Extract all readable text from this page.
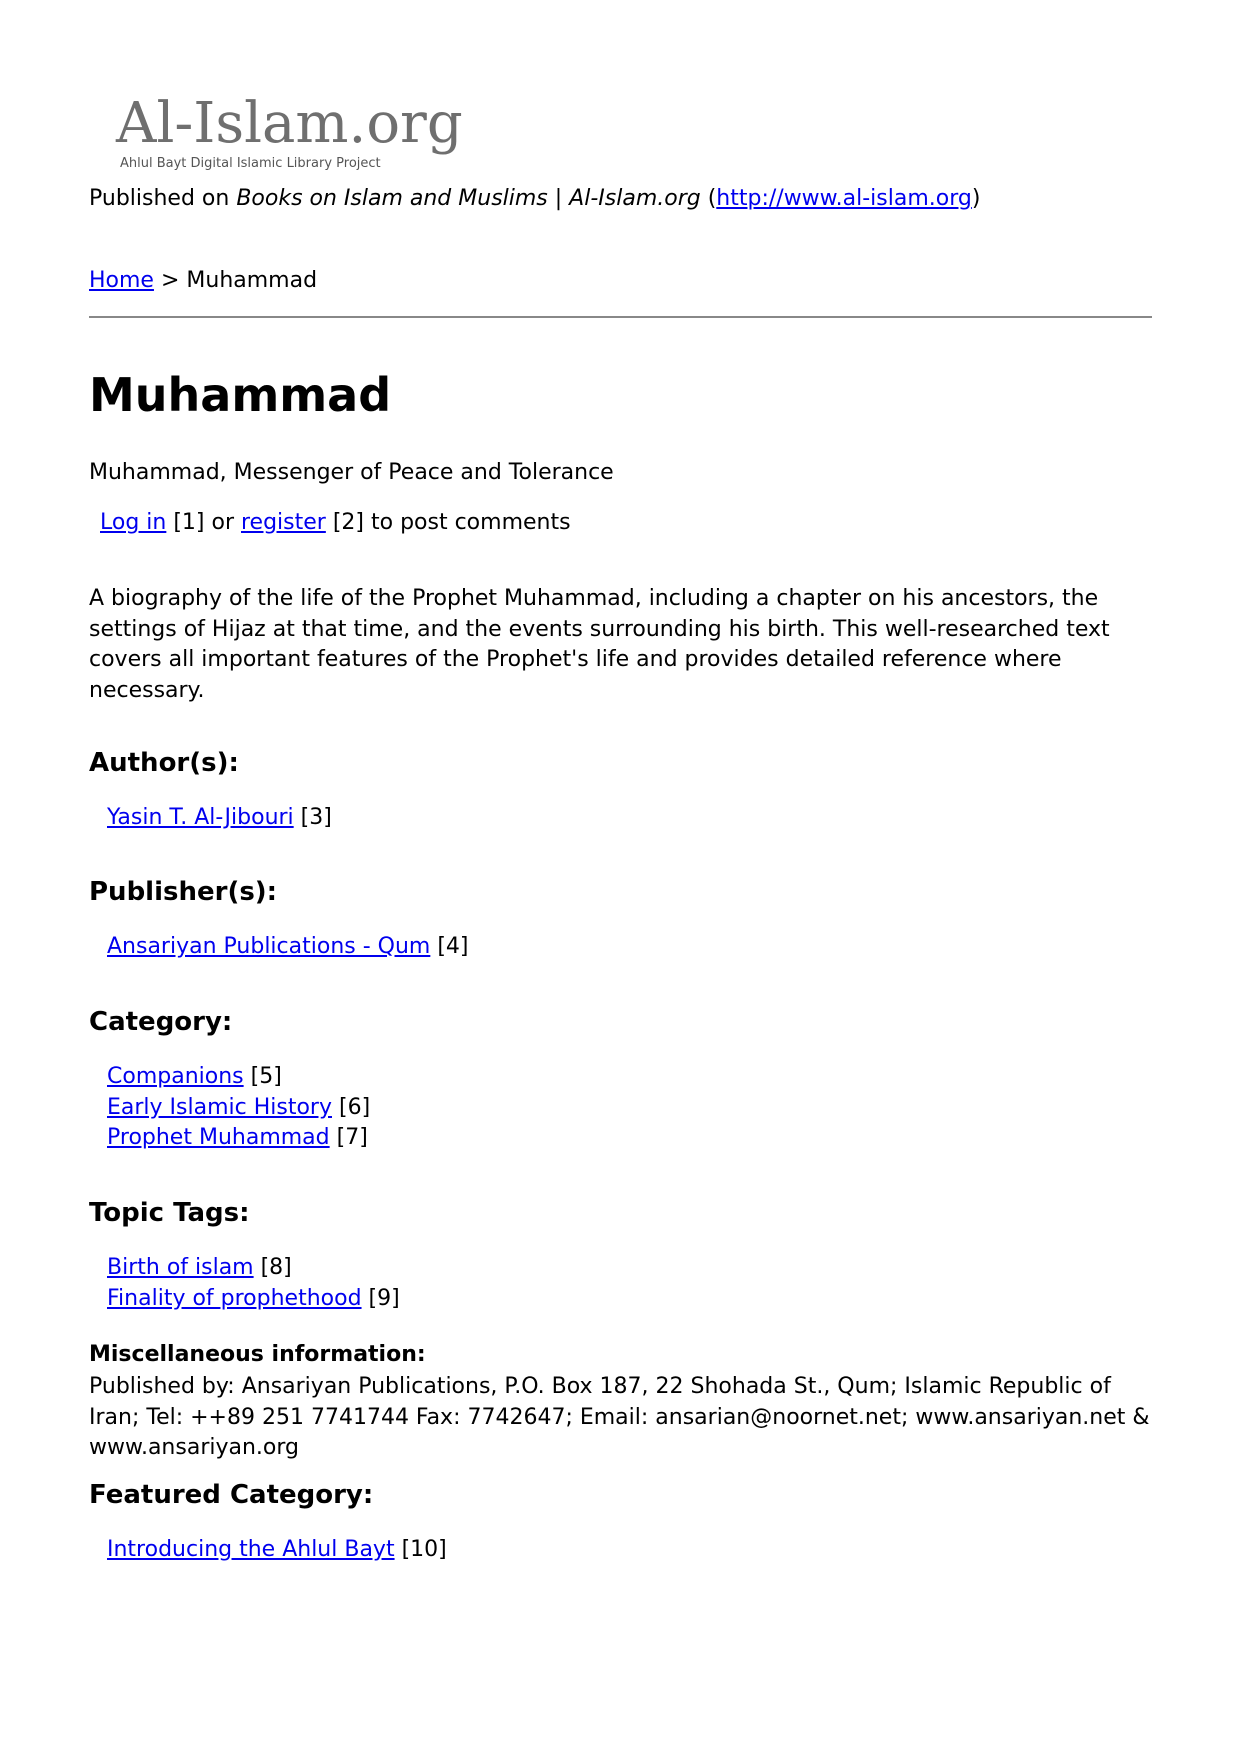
Al-Islam.org
Ahlul Bayt Digital Islamic Library Project
Published on Books on Islam and Muslims | Al-Islam.org (http://www.al-islam.org)
Home > Muhammad
Muhammad
Muhammad, Messenger of Peace and Tolerance
Log in [1] or register [2] to post comments
A biography of the life of the Prophet Muhammad, including a chapter on his ancestors, the settings of Hijaz at that time, and the events surrounding his birth. This well-researched text covers all important features of the Prophet's life and provides detailed reference where necessary.
Author(s):
Yasin T. Al-Jibouri [3]
Publisher(s):
Ansariyan Publications - Qum [4]
Category:
Companions [5]
Early Islamic History [6]
Prophet Muhammad [7]
Topic Tags:
Birth of islam [8]
Finality of prophethood [9]
Miscellaneous information:
Published by: Ansariyan Publications, P.O. Box 187, 22 Shohada St., Qum; Islamic Republic of Iran; Tel: ++89 251 7741744 Fax: 7742647; Email: ansarian@noornet.net; www.ansariyan.net & www.ansariyan.org
Featured Category:
Introducing the Ahlul Bayt [10]
